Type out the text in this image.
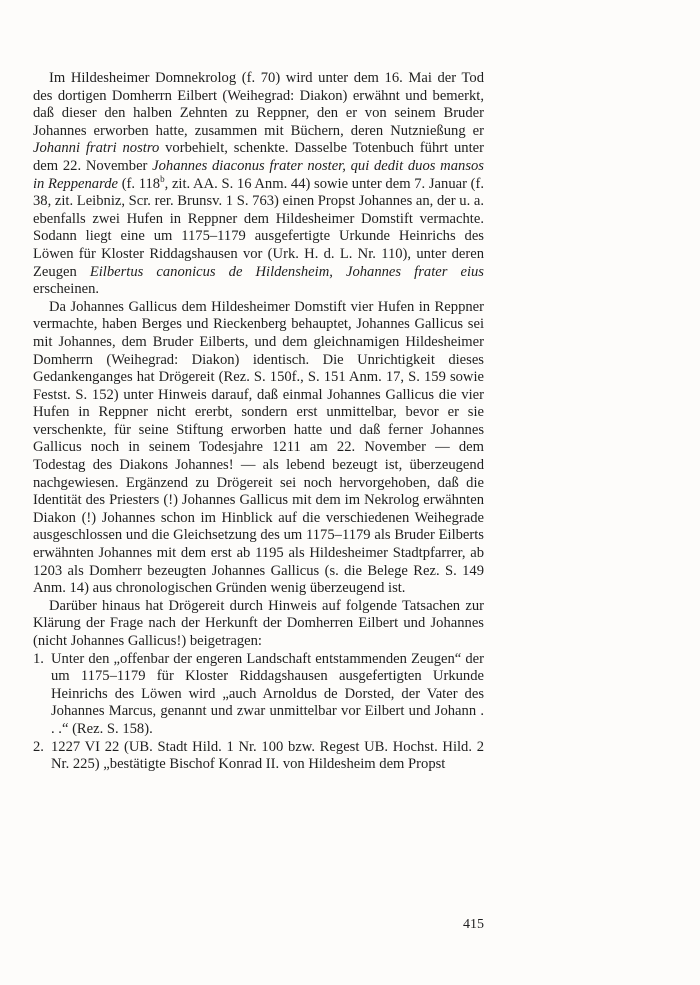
Im Hildesheimer Domnekrolog (f. 70) wird unter dem 16. Mai der Tod des dortigen Domherrn Eilbert (Weihegrad: Diakon) erwähnt und bemerkt, daß dieser den halben Zehnten zu Reppner, den er von seinem Bruder Johannes erworben hatte, zusammen mit Büchern, deren Nutznießung er Johanni fratri nostro vorbehielt, schenkte. Dasselbe Totenbuch führt unter dem 22. November Johannes diaconus frater noster, qui dedit duos mansos in Reppenarde (f. 118$^b$, zit. AA. S. 16 Anm. 44) sowie unter dem 7. Januar (f. 38, zit. Leibniz, Scr. rer. Brunsv. 1 S. 763) einen Propst Johannes an, der u. a. ebenfalls zwei Hufen in Reppner dem Hildesheimer Domstift vermachte. Sodann liegt eine um 1175–1179 ausgefertigte Urkunde Heinrichs des Löwen für Kloster Riddagshausen vor (Urk. H. d. L. Nr. 110), unter deren Zeugen Eilbertus canonicus de Hildensheim, Johannes frater eius erscheinen.

Da Johannes Gallicus dem Hildesheimer Domstift vier Hufen in Reppner vermachte, haben Berges und Rieckenberg behauptet, Johannes Gallicus sei mit Johannes, dem Bruder Eilberts, und dem gleichnamigen Hildesheimer Domherrn (Weihegrad: Diakon) identisch. Die Unrichtigkeit dieses Gedankenganges hat Drögereit (Rez. S. 150f., S. 151 Anm. 17, S. 159 sowie Festst. S. 152) unter Hinweis darauf, daß einmal Johannes Gallicus die vier Hufen in Reppner nicht ererbt, sondern erst unmittelbar, bevor er sie verschenkte, für seine Stiftung erworben hatte und daß ferner Johannes Gallicus noch in seinem Todesjahre 1211 am 22. November — dem Todestag des Diakons Johannes! — als lebend bezeugt ist, überzeugend nachgewiesen. Ergänzend zu Drögereit sei noch hervorgehoben, daß die Identität des Priesters (!) Johannes Gallicus mit dem im Nekrolog erwähnten Diakon (!) Johannes schon im Hinblick auf die verschiedenen Weihegrade ausgeschlossen und die Gleichsetzung des um 1175–1179 als Bruder Eilberts erwähnten Johannes mit dem erst ab 1195 als Hildesheimer Stadtpfarrer, ab 1203 als Domherr bezeugten Johannes Gallicus (s. die Belege Rez. S. 149 Anm. 14) aus chronologischen Gründen wenig überzeugend ist.

Darüber hinaus hat Drögereit durch Hinweis auf folgende Tatsachen zur Klärung der Frage nach der Herkunft der Domherren Eilbert und Johannes (nicht Johannes Gallicus!) beigetragen:

1. Unter den „offenbar der engeren Landschaft entstammenden Zeugen“ der um 1175–1179 für Kloster Riddagshausen ausgefertigten Urkunde Heinrichs des Löwen wird „auch Arnoldus de Dorsted, der Vater des Johannes Marcus, genannt und zwar unmittelbar vor Eilbert und Johann . . .“ (Rez. S. 158).
2. 1227 VI 22 (UB. Stadt Hild. 1 Nr. 100 bzw. Regest UB. Hochst. Hild. 2 Nr. 225) „bestätigte Bischof Konrad II. von Hildesheim dem Propst
415
